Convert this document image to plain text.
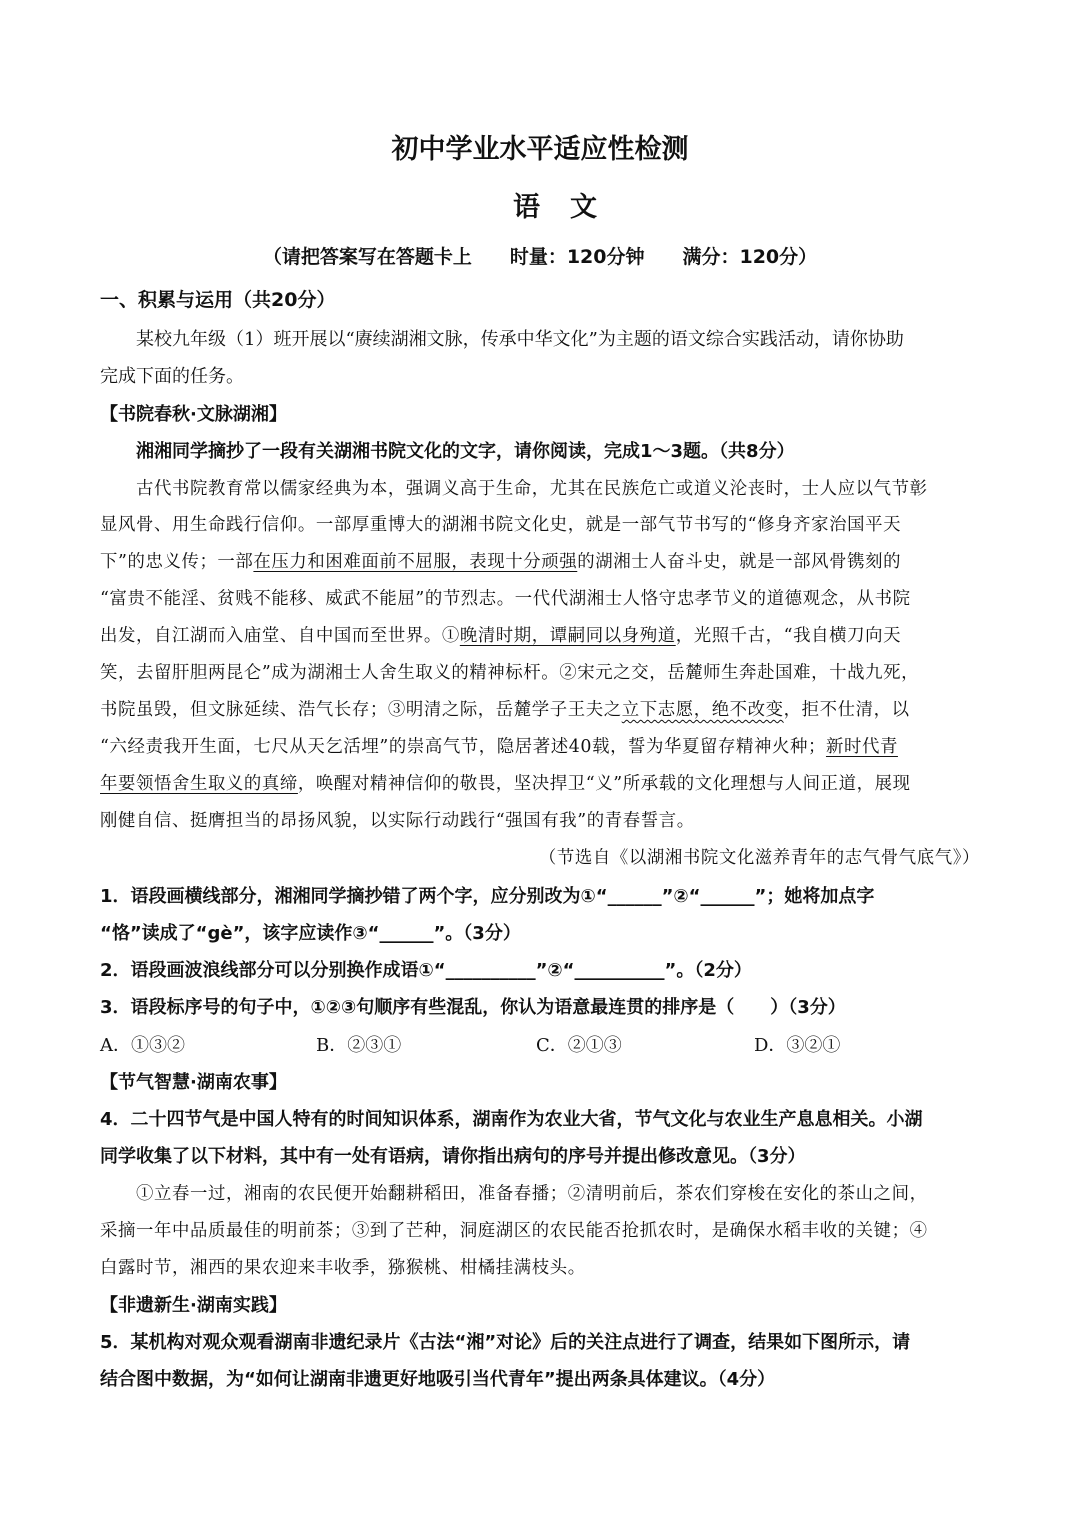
初中学业水平适应性检测
语文
（请把答案写在答题卡上　　时量：120分钟　　满分：120分）
一、积累与运用（共20分）
某校九年级（1）班开展以“赓续湖湘文脉，传承中华文化”为主题的语文综合实践活动，请你协助
完成下面的任务。
【书院春秋·文脉湖湘】
湘湘同学摘抄了一段有关湖湘书院文化的文字，请你阅读，完成1～3题。（共8分）
古代书院教育常以儒家经典为本，强调义高于生命，尤其在民族危亡或道义沦丧时，士人应以气节彰
显风骨、用生命践行信仰。一部厚重博大的湖湘书院文化史，就是一部气节书写的“修身齐家治国平天
下”的忠义传；一部在压力和困难面前不屈服，表现十分顽强的湖湘士人奋斗史，就是一部风骨镌刻的
“富贵不能淫、贫贱不能移、威武不能屈”的节烈志。一代代湖湘士人恪守忠孝节义的道德观念，从书院
出发，自江湖而入庙堂、自中国而至世界。①晚清时期，谭嗣同以身殉道，光照千古，“我自横刀向天
笑，去留肝胆两昆仑”成为湖湘士人舍生取义的精神标杆。②宋元之交，岳麓师生奔赴国难，十战九死，
书院虽毁，但文脉延续、浩气长存；③明清之际，岳麓学子王夫之立下志愿，绝不改变，拒不仕清，以
“六经责我开生面，七尺从天乞活埋”的崇高气节，隐居著述40载，誓为华夏留存精神火种；新时代青
年要领悟舍生取义的真缔，唤醒对精神信仰的敬畏，坚决捍卫“义”所承载的文化理想与人间正道，展现
刚健自信、挺膺担当的昂扬风貌，以实际行动践行“强国有我”的青春誓言。
（节选自《以湖湘书院文化滋养青年的志气骨气底气》）
1．语段画横线部分，湘湘同学摘抄错了两个字，应分别改为①“______”②“______”；她将加点字
“恪”读成了“gè”，该字应读作③“______”。（3分）
2．语段画波浪线部分可以分别换作成语①“__________”②“__________”。（2分）
3．语段标序号的句子中，①②③句顺序有些混乱，你认为语意最连贯的排序是（　　）（3分）
A．①③②	B．②③①	C．②①③	D．③②①
【节气智慧·湖南农事】
4．二十四节气是中国人特有的时间知识体系，湖南作为农业大省，节气文化与农业生产息息相关。小湖
同学收集了以下材料，其中有一处有语病，请你指出病句的序号并提出修改意见。（3分）
①立春一过，湘南的农民便开始翻耕稻田，准备春播；②清明前后，茶农们穿梭在安化的茶山之间，
采摘一年中品质最佳的明前茶；③到了芒种，洞庭湖区的农民能否抢抓农时，是确保水稻丰收的关键；④
白露时节，湘西的果农迎来丰收季，猕猴桃、柑橘挂满枝头。
【非遗新生·湖南实践】
5．某机构对观众观看湖南非遗纪录片《古法“湘”对论》后的关注点进行了调查，结果如下图所示，请
结合图中数据，为“如何让湖南非遗更好地吸引当代青年”提出两条具体建议。（4分）
